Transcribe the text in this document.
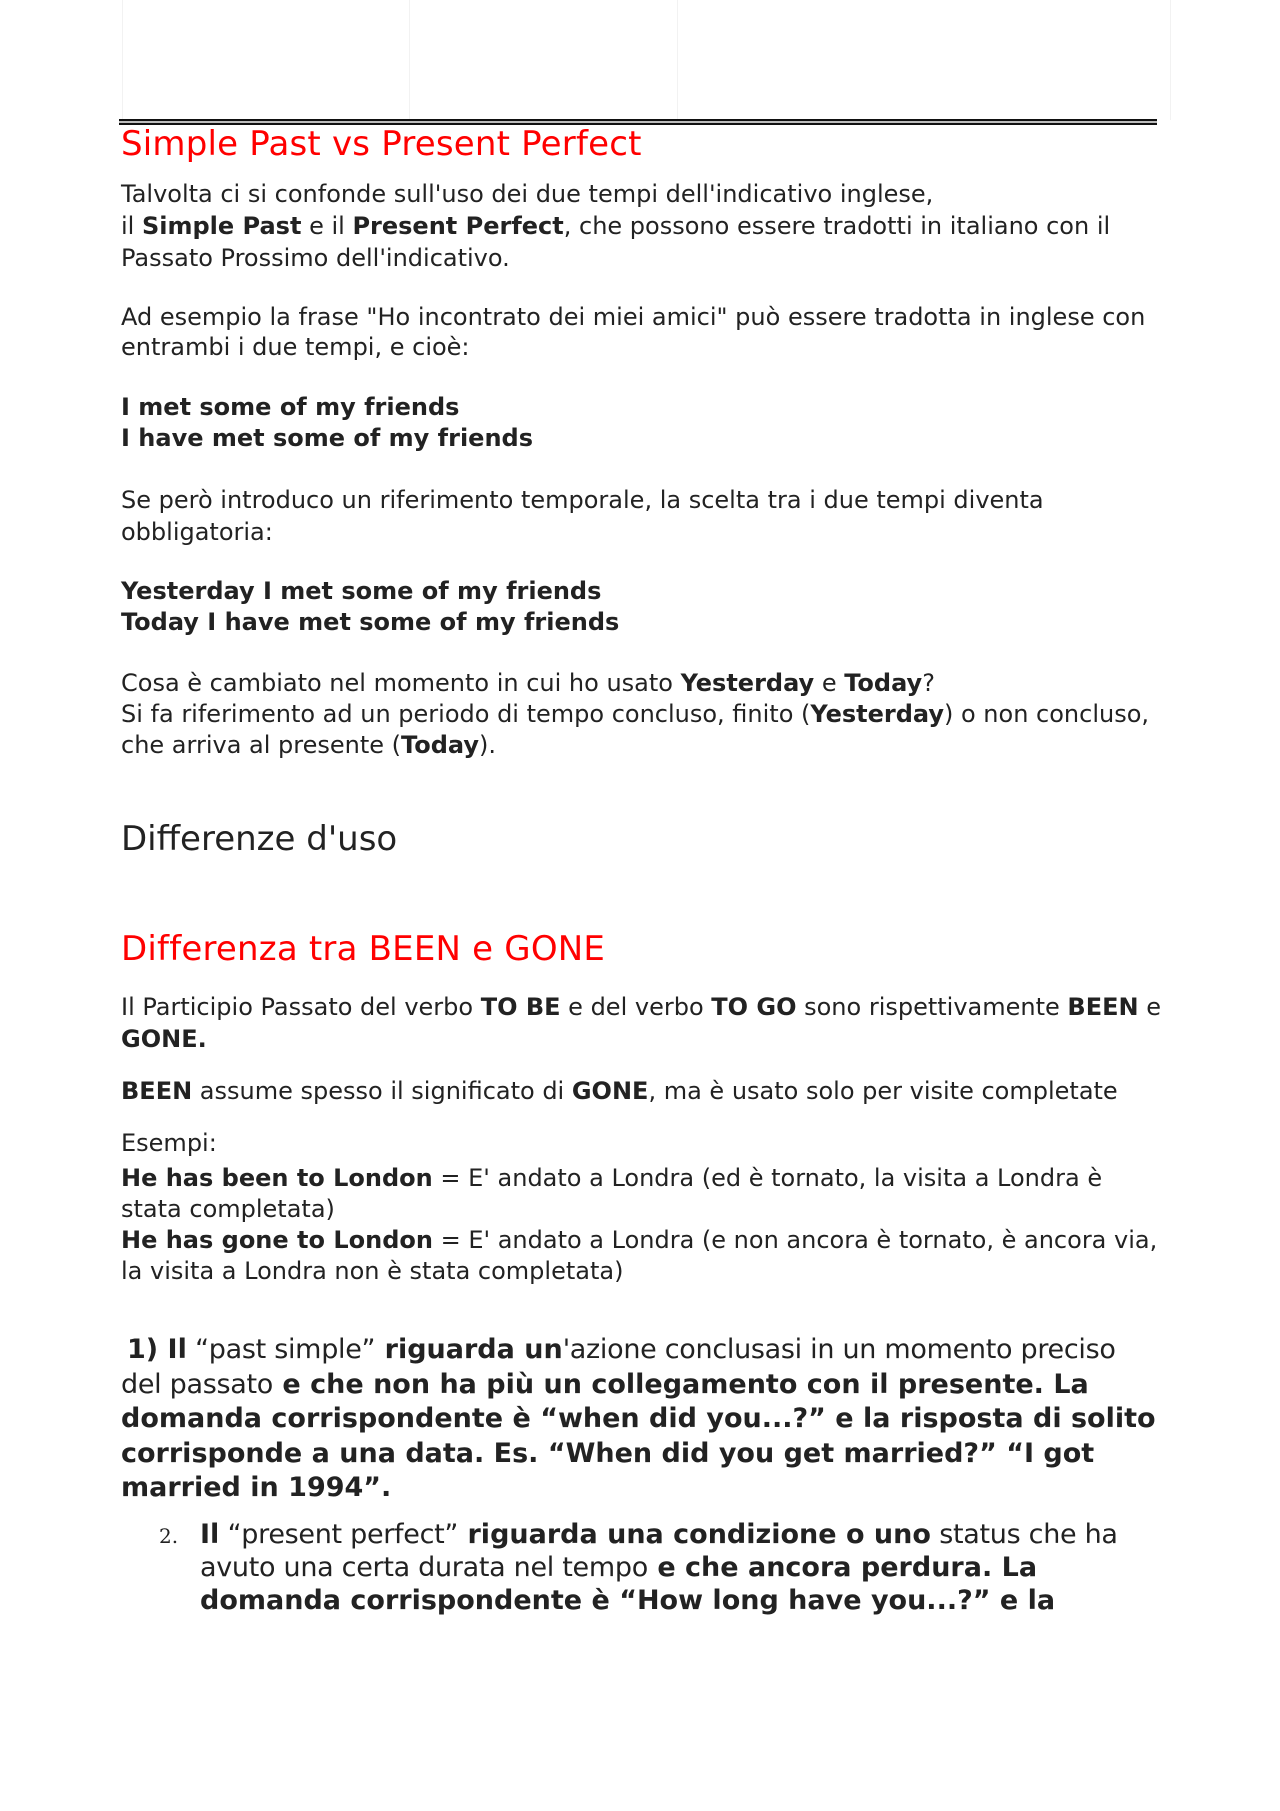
Simple Past vs Present Perfect

Talvolta ci si confonde sull'uso dei due tempi dell'indicativo inglese,
il Simple Past e il Present Perfect, che possono essere tradotti in italiano con il Passato Prossimo dell'indicativo.

Ad esempio la frase "Ho incontrato dei miei amici" può essere tradotta in inglese con entrambi i due tempi, e cioè:

I met some of my friends
I have met some of my friends

Se però introduco un riferimento temporale, la scelta tra i due tempi diventa obbligatoria:

Yesterday I met some of my friends
Today I have met some of my friends

Cosa è cambiato nel momento in cui ho usato Yesterday e Today?
Si fa riferimento ad un periodo di tempo concluso, finito (Yesterday) o non concluso, che arriva al presente (Today).

Differenze d'uso
Differenza tra BEEN e GONE

Il Participio Passato del verbo TO BE e del verbo TO GO sono rispettivamente BEEN e GONE.

BEEN assume spesso il significato di GONE, ma è usato solo per visite completate

Esempi:

He has been to London = E' andato a Londra (ed è tornato, la visita a Londra è stata completata)

He has gone to London = E' andato a Londra (e non ancora è tornato, è ancora via, la visita a Londra non è stata completata)

1) Il “past simple” riguarda un'azione conclusasi in un momento preciso del passato e che non ha più un collegamento con il presente. La domanda corrispondente è “when did you...?” e la risposta di solito corrisponde a una data. Es. “When did you get married?” “I got married in 1994”.

2. Il “present perfect” riguarda una condizione o uno status che ha avuto una certa durata nel tempo e che ancora perdura. La domanda corrispondente è “How long have you...?” e la
